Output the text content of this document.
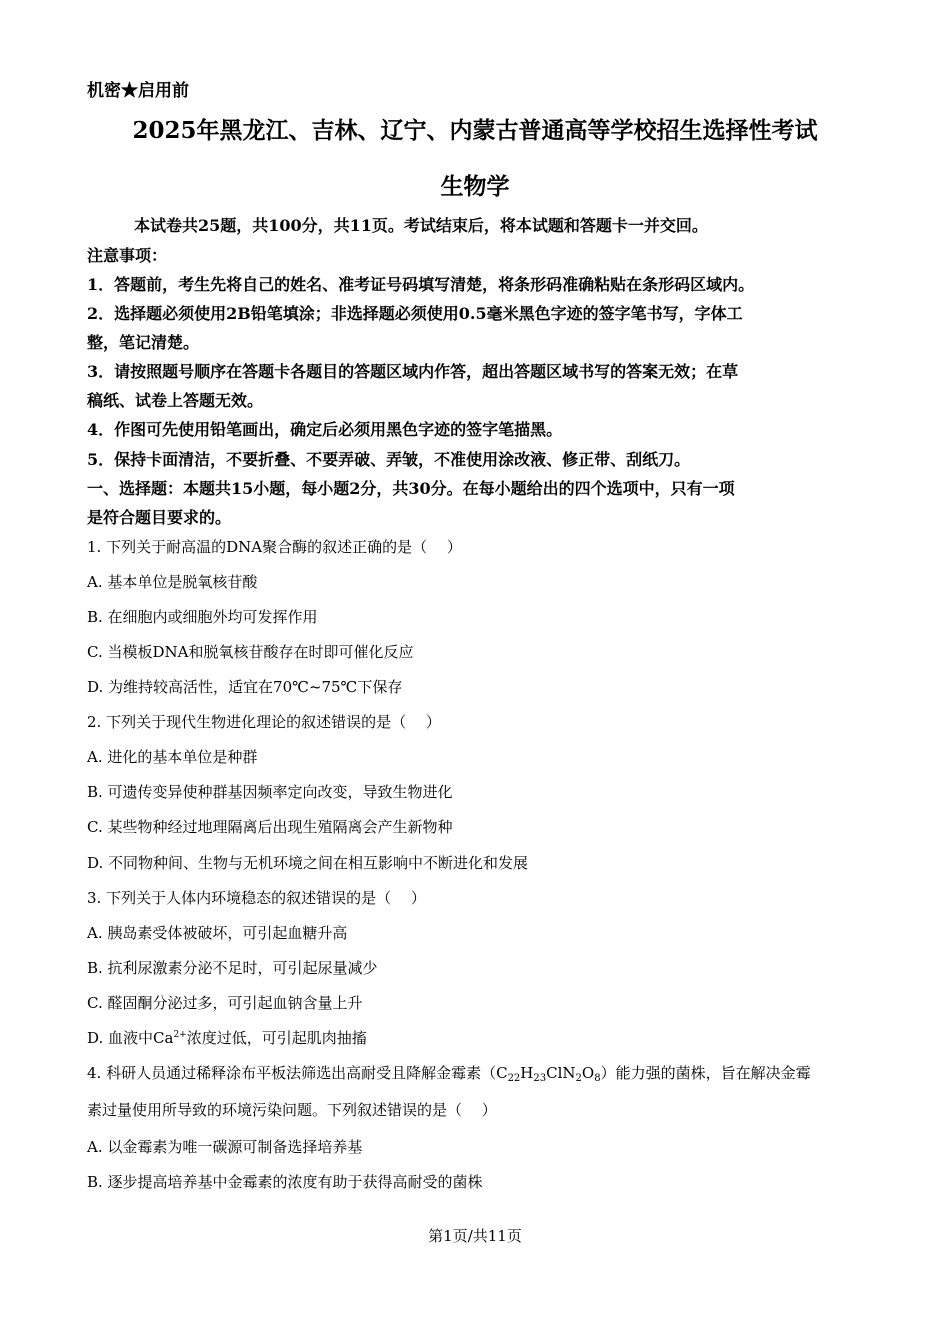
机密★启用前
2025年黑龙江、吉林、辽宁、内蒙古普通高等学校招生选择性考试
生物学
本试卷共25题，共100分，共11页。考试结束后，将本试题和答题卡一并交回。
注意事项：
1．答题前，考生先将自己的姓名、准考证号码填写清楚，将条形码准确粘贴在条形码区域内。
2．选择题必须使用2B铅笔填涂；非选择题必须使用0.5毫米黑色字迹的签字笔书写，字体工
整，笔记清楚。
3．请按照题号顺序在答题卡各题目的答题区域内作答，超出答题区域书写的答案无效；在草
稿纸、试卷上答题无效。
4．作图可先使用铅笔画出，确定后必须用黑色字迹的签字笔描黑。
5．保持卡面清洁，不要折叠、不要弄破、弄皱，不准使用涂改液、修正带、刮纸刀。
一、选择题：本题共15小题，每小题2分，共30分。在每小题给出的四个选项中，只有一项
是符合题目要求的。
1. 下列关于耐高温的DNA聚合酶的叙述正确的是（　 ）
A. 基本单位是脱氧核苷酸
B. 在细胞内或细胞外均可发挥作用
C. 当模板DNA和脱氧核苷酸存在时即可催化反应
D. 为维持较高活性，适宜在70℃~75℃下保存
2. 下列关于现代生物进化理论的叙述错误的是（　 ）
A. 进化的基本单位是种群
B. 可遗传变异使种群基因频率定向改变，导致生物进化
C. 某些物种经过地理隔离后出现生殖隔离会产生新物种
D. 不同物种间、生物与无机环境之间在相互影响中不断进化和发展
3. 下列关于人体内环境稳态的叙述错误的是（　 ）
A. 胰岛素受体被破坏，可引起血糖升高
B. 抗利尿激素分泌不足时，可引起尿量减少
C. 醛固酮分泌过多，可引起血钠含量上升
D. 血液中$Ca^{2+}$浓度过低，可引起肌肉抽搐
4. 科研人员通过稀释涂布平板法筛选出高耐受且降解金霉素$(C_{22}H_{23}ClN_2O_8)$能力强的菌株，旨在解决金霉
素过量使用所导致的环境污染问题。下列叙述错误的是（　 ）
A. 以金霉素为唯一碳源可制备选择培养基
B. 逐步提高培养基中金霉素的浓度有助于获得高耐受的菌株
第1页/共11页
